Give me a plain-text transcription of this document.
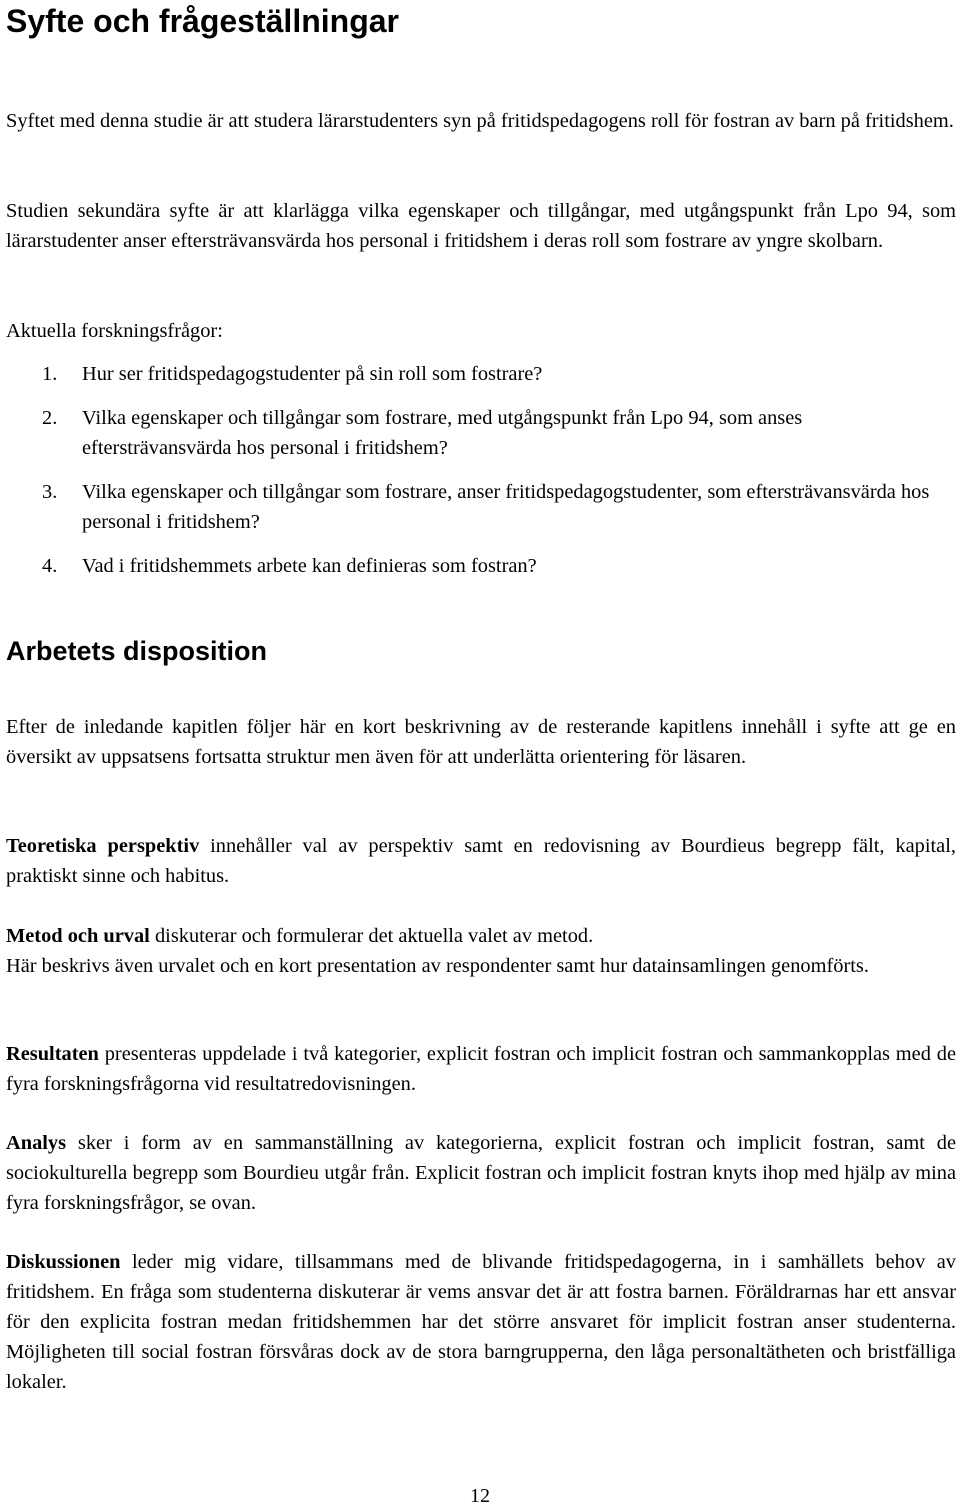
Syfte och frågeställningar

Syftet med denna studie är att studera lärarstudenters syn på fritidspedagogens roll för fostran av barn på fritidshem.

Studien sekundära syfte är att klarlägga vilka egenskaper och tillgångar, med utgångspunkt från Lpo 94, som lärarstudenter anser eftersträvansvärda hos personal i fritidshem i deras roll som fostrare av yngre skolbarn.

Aktuella forskningsfrågor:
1. Hur ser fritidspedagogstudenter på sin roll som fostrare?
2. Vilka egenskaper och tillgångar som fostrare, med utgångspunkt från Lpo 94, som anses eftersträvansvärda hos personal i fritidshem?
3. Vilka egenskaper och tillgångar som fostrare, anser fritidspedagogstudenter, som eftersträvansvärda hos personal i fritidshem?
4. Vad i fritidshemmets arbete kan definieras som fostran?
Arbetets disposition

Efter de inledande kapitlen följer här en kort beskrivning av de resterande kapitlens innehåll i syfte att ge en översikt av uppsatsens fortsatta struktur men även för att underlätta orientering för läsaren.

Teoretiska perspektiv innehåller val av perspektiv samt en redovisning av Bourdieus begrepp fält, kapital, praktiskt sinne och habitus.

Metod och urval diskuterar och formulerar det aktuella valet av metod.

Här beskrivs även urvalet och en kort presentation av respondenter samt hur datainsamlingen genomförts.

Resultaten presenteras uppdelade i två kategorier, explicit fostran och implicit fostran och sammankopplas med de fyra forskningsfrågorna vid resultatredovisningen.

Analys sker i form av en sammanställning av kategorierna, explicit fostran och implicit fostran, samt de sociokulturella begrepp som Bourdieu utgår från. Explicit fostran och implicit fostran knyts ihop med hjälp av mina fyra forskningsfrågor, se ovan.

Diskussionen leder mig vidare, tillsammans med de blivande fritidspedagogerna, in i samhällets behov av fritidshem. En fråga som studenterna diskuterar är vems ansvar det är att fostra barnen. Föräldrarnas har ett ansvar för den explicita fostran medan fritidshemmen har det större ansvaret för implicit fostran anser studenterna. Möjligheten till social fostran försvåras dock av de stora barngrupperna, den låga personaltätheten och bristfälliga lokaler.

12
